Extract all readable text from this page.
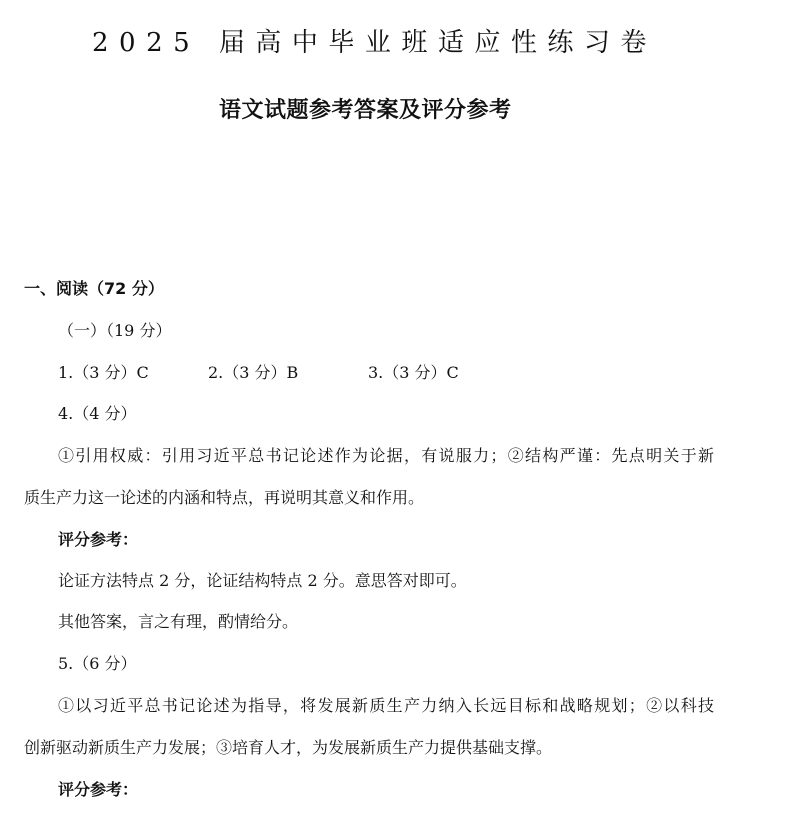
2025 届高中毕业班适应性练习卷
语文试题参考答案及评分参考
一、阅读（72 分）
（一）（19 分）
1.（3 分）C	2.（3 分）B	3.（3 分）C
4.（4 分）
①引用权威：引用习近平总书记论述作为论据，有说服力；②结构严谨：先点明关于新
质生产力这一论述的内涵和特点，再说明其意义和作用。
评分参考：
论证方法特点 2 分，论证结构特点 2 分。意思答对即可。
其他答案，言之有理，酌情给分。
5.（6 分）
①以习近平总书记论述为指导，将发展新质生产力纳入长远目标和战略规划；②以科技
创新驱动新质生产力发展；③培育人才，为发展新质生产力提供基础支撑。
评分参考：
